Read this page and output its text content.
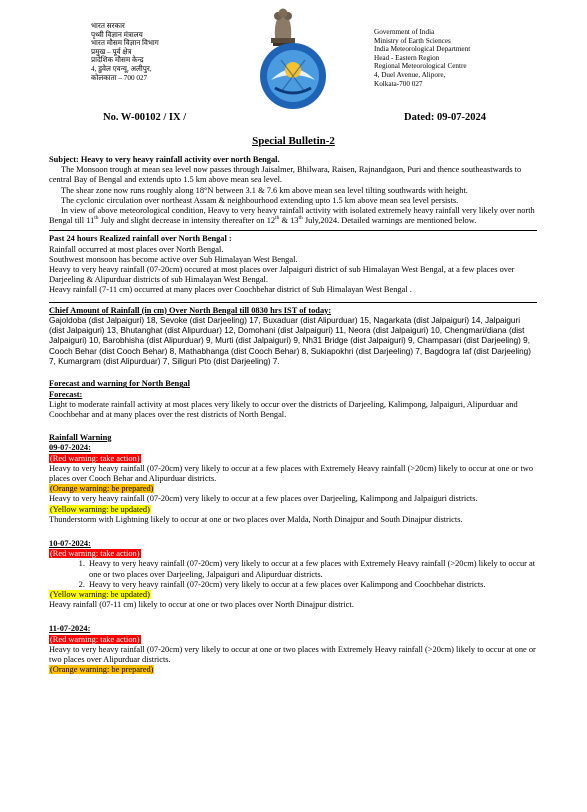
भारत सरकार
पृथ्वी विज्ञान मंत्रालय
भारत मौसम विज्ञान विभाग
प्रमुख – पूर्व क्षेत्र
प्रादेशिक मौसम केन्द्र
4, डुवेल एवन्यू, अलीपुर,
कोलकाता – 700 027
Government of India
Ministry of Earth Sciences
India Meteorological Department
Head - Eastern Region
Regional Meteorological Centre
4, Duel Avenue, Alipore,
Kolkata-700 027
No. W-00102 / IX /	Dated: 09-07-2024
Special Bulletin-2

Subject: Heavy to very heavy rainfall activity over north Bengal.

The Monsoon trough at mean sea level now passes through Jaisalmer, Bhilwara, Raisen, Rajnandgaon, Puri and thence southeastwards to central Bay of Bengal and extends upto 1.5 km above mean sea level.

The shear zone now runs roughly along 18°N between 3.1 & 7.6 km above mean sea level tilting southwards with height.

The cyclonic circulation over northeast Assam & neighbourhood extending upto 1.5 km above mean sea level persists.

In view of above meteorological condition, Heavy to very heavy rainfall activity with isolated extremely heavy rainfall very likely over north Bengal till 11th July and slight decrease in intensity thereafter on 12th & 13th July,2024. Detailed warnings are mentioned below.

Past 24 hours Realized rainfall over North Bengal :

Rainfall occurred at most places over North Bengal.

Southwest monsoon has become active over Sub Himalayan West Bengal.

Heavy to very heavy rainfall (07-20cm) occured at most places over Jalpaiguri district of sub Himalayan West Bengal, at a few places over Darjeeling & Alipurduar districts of sub Himalayan West Bengal.

Heavy rainfall (7-11 cm) occurred at many places over Coochbehar district of Sub Himalayan West Bengal .

Chief Amount of Rainfall (in cm) Over North Bengal till 0830 hrs IST of today:

Gajoldoba (dist Jalpaiguri) 18, Sevoke (dist Darjeeling) 17, Buxaduar (dist Alipurduar) 15, Nagarkata (dist Jalpaiguri) 14, Jalpaiguri (dist Jalpaiguri) 13, Bhutanghat (dist Alipurduar) 12, Domohani (dist Jalpaiguri) 11, Neora (dist Jalpaiguri) 10, Chengmari/diana (dist Jalpaiguri) 10, Barobhisha (dist Alipurduar) 9, Murti (dist Jalpaiguri) 9, Nh31 Bridge (dist Jalpaiguri) 9, Champasari (dist Darjeeling) 9, Cooch Behar (dist Cooch Behar) 8, Mathabhanga (dist Cooch Behar) 8, Sukiapokhri (dist Darjeeling) 7, Bagdogra Iaf (dist Darjeeling) 7, Kumargram (dist Alipurduar) 7, Siliguri Pto (dist Darjeeling) 7.

Forecast and warning for North Bengal

Forecast:

Light to moderate rainfall activity at most places very likely to occur over the districts of Darjeeling, Kalimpong, Jalpaiguri, Alipurduar and Coochbehar and at many places over the rest districts of North Bengal.

Rainfall Warning

09-07-2024:

(Red warning: take action)

Heavy to very heavy rainfall (07-20cm) very likely to occur at a few places with Extremely Heavy rainfall (>20cm) likely to occur at one or two places over Cooch Behar and Alipurduar districts.

(Orange warning: be prepared)

Heavy to very heavy rainfall (07-20cm) very likely to occur at a few places over Darjeeling, Kalimpong and Jalpaiguri districts.

(Yellow warning: be updated)

Thunderstorm with Lightning likely to occur at one or two places over Malda, North Dinajpur and South Dinajpur districts.

10-07-2024:

(Red warning: take action)

1. Heavy to very heavy rainfall (07-20cm) very likely to occur at a few places with Extremely Heavy rainfall (>20cm) likely to occur at one or two places over Darjeeling, Jalpaiguri and Alipurduar districts.
2. Heavy to very heavy rainfall (07-20cm) very likely to occur at a few places over Kalimpong and Coochbehar districts.

(Yellow warning: be updated)

Heavy rainfall (07-11 cm) likely to occur at one or two places over North Dinajpur district.

11-07-2024:

(Red warning: take action)

Heavy to very heavy rainfall (07-20cm) very likely to occur at one or two places with Extremely Heavy rainfall (>20cm) likely to occur at one or two places over Alipurduar districts.

(Orange warning: be prepared)
